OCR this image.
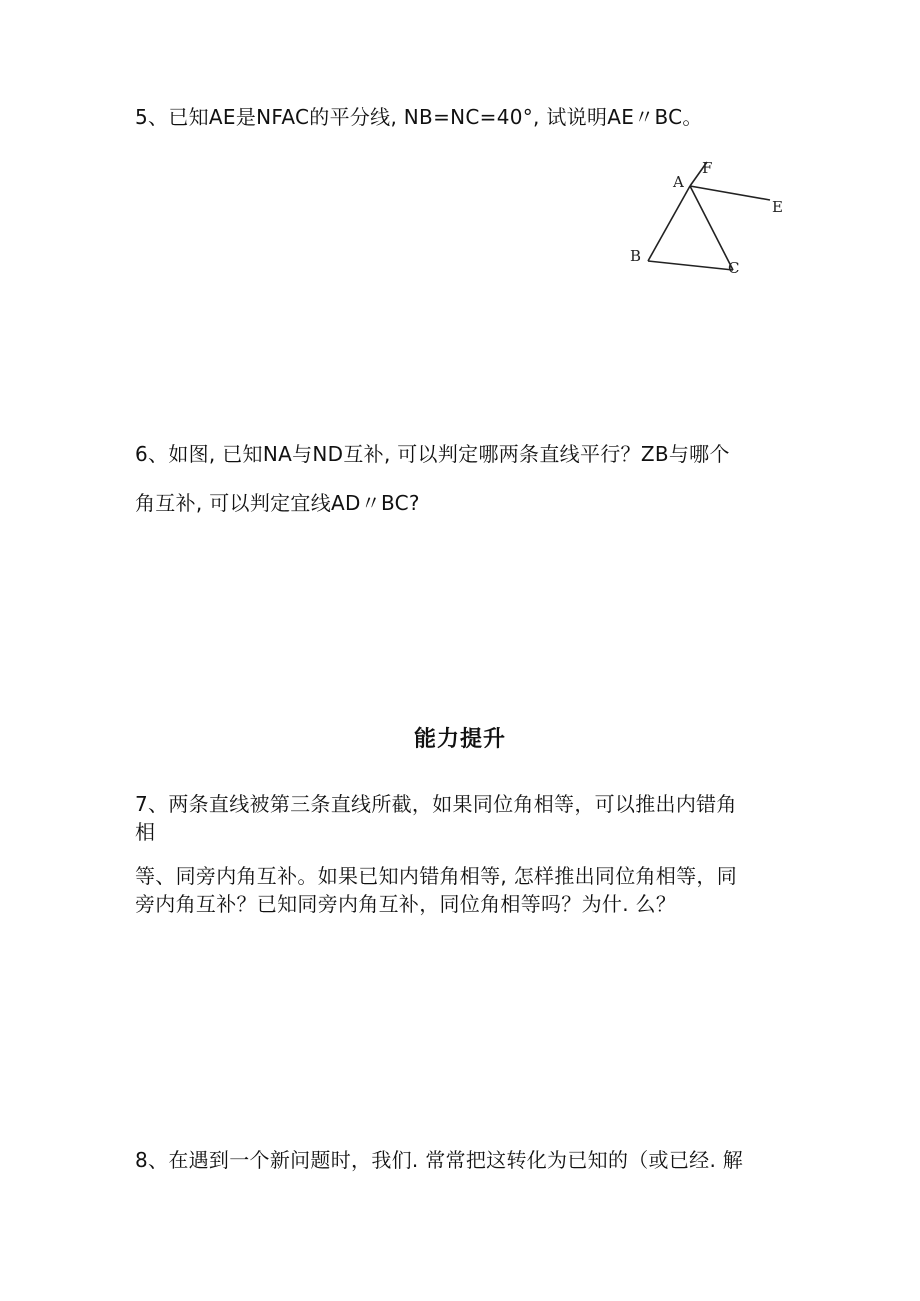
5、已知AE是NFAC的平分线, NB=NC=40°, 试说明AE〃BC。
A
F
E
B
C
6、如图, 已知NA与ND互补, 可以判定哪两条直线平行？ZB与哪个
角互补, 可以判定宜线AD〃BC?
能力提升
7、两条直线被第三条直线所截，如果同位角相等，可以推出内错角
相
等、同旁内角互补。如果已知内错角相等, 怎样推出同位角相等，同
旁内角互补？已知同旁内角互补，同位角相等吗？为什. 么？
8、在遇到一个新问题时，我们. 常常把这转化为已知的（或已经. 解
